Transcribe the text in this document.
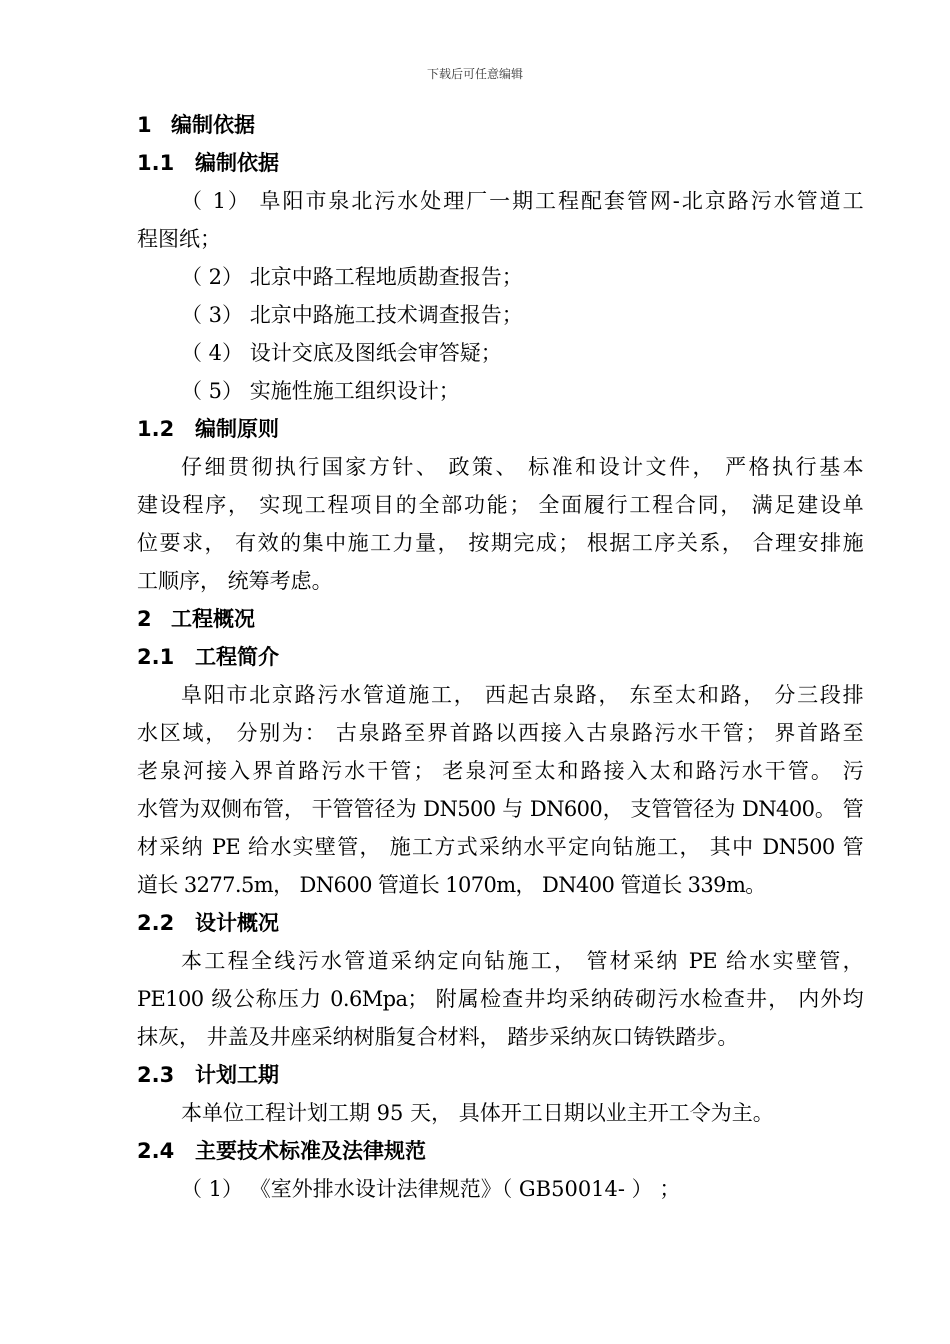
下载后可任意编辑
1 编制依据
1.1 编制依据
（ 1） 阜阳市泉北污水处理厂一期工程配套管网-北京路污水管道工
程图纸；
（ 2） 北京中路工程地质勘查报告；
（ 3） 北京中路施工技术调查报告；
（ 4） 设计交底及图纸会审答疑；
（ 5） 实施性施工组织设计；
1.2 编制原则
仔细贯彻执行国家方针、 政策、 标准和设计文件， 严格执行基本
建设程序， 实现工程项目的全部功能； 全面履行工程合同， 满足建设单
位要求， 有效的集中施工力量， 按期完成； 根据工序关系， 合理安排施
工顺序， 统筹考虑。
2 工程概况
2.1 工程简介
阜阳市北京路污水管道施工， 西起古泉路， 东至太和路， 分三段排
水区域， 分别为： 古泉路至界首路以西接入古泉路污水干管； 界首路至
老泉河接入界首路污水干管； 老泉河至太和路接入太和路污水干管。 污
水管为双侧布管， 干管管径为 DN500 与 DN600， 支管管径为 DN400。 管
材采纳 PE 给水实壁管， 施工方式采纳水平定向钻施工， 其中 DN500 管
道长 3277.5m， DN600 管道长 1070m， DN400 管道长 339m。
2.2 设计概况
本工程全线污水管道采纳定向钻施工， 管材采纳 PE 给水实壁管，
PE100 级公称压力 0.6Mpa； 附属检查井均采纳砖砌污水检查井， 内外均
抹灰， 井盖及井座采纳树脂复合材料， 踏步采纳灰口铸铁踏步。
2.3 计划工期
本单位工程计划工期 95 天， 具体开工日期以业主开工令为主。
2.4 主要技术标准及法律规范
（ 1） 《室外排水设计法律规范》（ GB50014- ） ；
